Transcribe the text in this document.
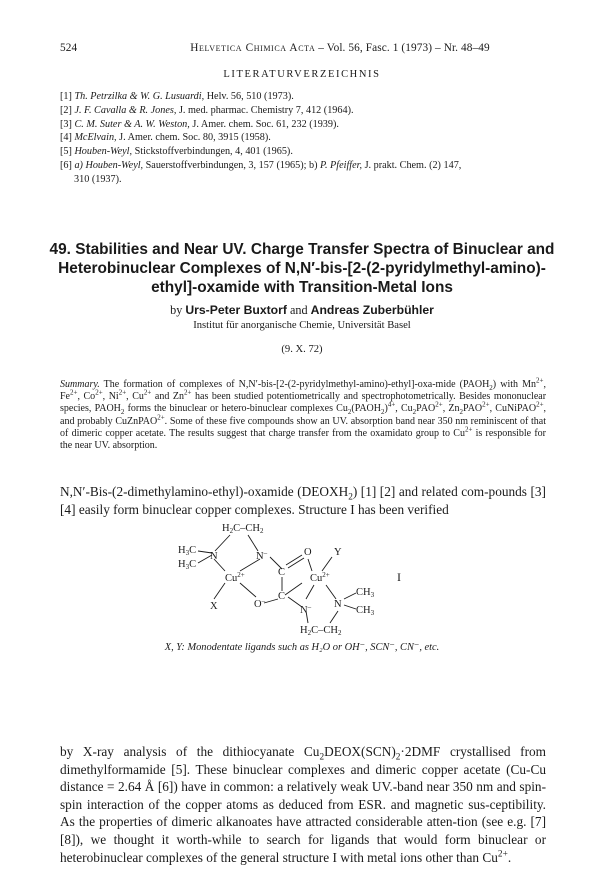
524	Helvetica Chimica Acta – Vol. 56, Fasc. 1 (1973) – Nr. 48–49
LITERATURVERZEICHNIS

[1] Th. Petrzilka & W. G. Lusuardi, Helv. 56, 510 (1973).

[2] J. F. Cavalla & R. Jones, J. med. pharmac. Chemistry 7, 412 (1964).

[3] C. M. Suter & A. W. Weston, J. Amer. chem. Soc. 61, 232 (1939).

[4] McElvain, J. Amer. chem. Soc. 80, 3915 (1958).

[5] Houben-Weyl, Stickstoffverbindungen, 4, 401 (1965).

[6] a) Houben-Weyl, Sauerstoffverbindungen, 3, 157 (1965); b) P. Pfeiffer, J. prakt. Chem. (2) 147,

310 (1937).

49. Stabilities and Near UV. Charge Transfer Spectra of Binuclear and Heterobinuclear Complexes of N,N′-bis-[2-(2-pyridylmethyl-amino)-ethyl]-oxamide with Transition-Metal Ions
by Urs-Peter Buxtorf and Andreas Zuberbühler
Institut für anorganische Chemie, Universität Basel
(9. X. 72)
Summary. The formation of complexes of N,N′-bis-[2-(2-pyridylmethyl-amino)-ethyl]-oxa-mide $(PAOH_2)$ with $Mn^{2+}$, $Fe^{2+}$, $Co^{2+}$, $Ni^{2+}$, $Cu^{2+}$ and $Zn^{2+}$ has been studied potentiometrically and spectrophotometrically. Besides mononuclear species, $PAOH_2$ forms the binuclear or hetero-binuclear complexes $Cu_2(PAOH_2)^{4+}$, $Cu_2PAO^{2+}$, $Zn_2PAO^{2+}$, CuNiPAO$^{2+}$, and probably CuZnPAO$^{2+}$. Some of these five compounds show an UV. absorption band near 350 nm reminiscent of that of dimeric copper acetate. The results suggest that charge transfer from the oxamidato group to $Cu^{2+}$ is responsible for the near UV. absorption.
N,N′-Bis-(2-dimethylamino-ethyl)-oxamide $(DEOXH_2)$ [1] [2] and related com-pounds [3] [4] easily form binuclear copper complexes. Structure I has been verified
H2C–CH2
H3C
H3C
N	N–
$Cu^{2+}$
O Y
C
C
$Cu^{2+}$
X	O–
N– N
CH3
CH3
H2C–CH2
I
X, Y: Monodentate ligands such as H₂O or OH⁻, SCN⁻, CN⁻, etc.
by X-ray analysis of the dithiocyanate $Cu_2DEOX(SCN)_2\cdot 2DMF$ crystallised from dimethylformamide [5]. These binuclear complexes and dimeric copper acetate (Cu-Cu distance = 2.64 Å [6]) have in common: a relatively weak UV.-band near 350 nm and spin-spin interaction of the copper atoms as deduced from ESR. and magnetic sus-ceptibility. As the properties of dimeric alkanoates have attracted considerable atten-tion (see e.g. [7] [8]), we thought it worth-while to search for ligands that would form binuclear or heterobinuclear complexes of the general structure I with metal ions other than $Cu^{2+}$.
